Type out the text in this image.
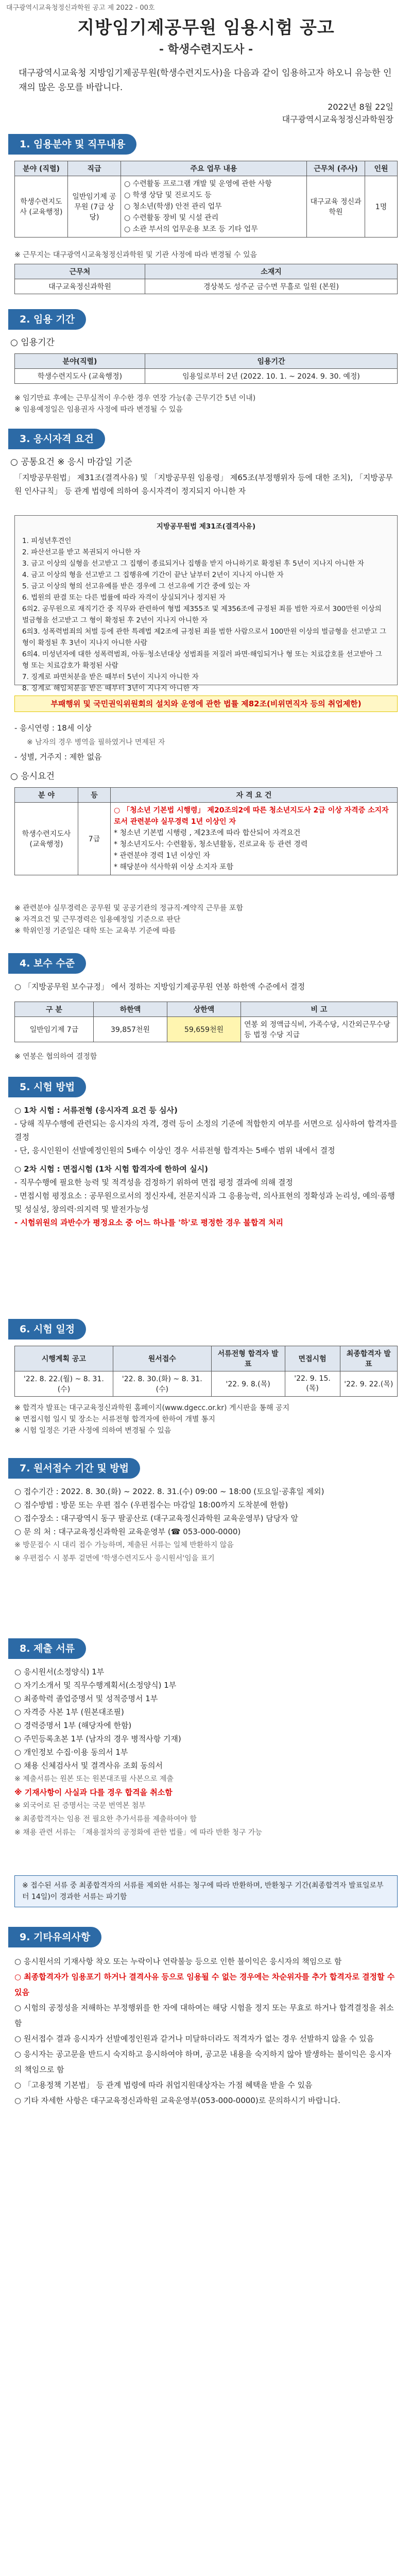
대구광역시교육청정신과학원 공고 제 2022 - 00호
지방임기제공무원 임용시험 공고
- 학생수련지도사 -
대구광역시교육청 지방임기제공무원(학생수련지도사)을 다음과 같이 임용하고자 하오니 유능한 인재의 많은 응모를 바랍니다.
2022년 8월 22일
대구광역시교육청정신과학원장
1. 임용분야 및 직무내용
분야 (직렬)	직급	주요 업무 내용	근무처 (주사)	인원
학생수련지도사 (교육행정)	일반임기제 공무원 (7급 상당)	○ 수련활동 프로그램 개발 및 운영에 관한 사항
○ 학생 상담 및 진로지도 등
○ 청소년(학생) 안전 관리 업무
○ 수련활동 장비 및 시설 관리
○ 소관 부서의 업무운용 보조 등 기타 업무	대구교육 정신과학원	1명
※ 근무지는 대구광역시교육청정신과학원 및 기관 사정에 따라 변경될 수 있음
근무처	소재지
대구교육정신과학원	경상북도 성주군 금수면 무흘로 일원 (본원)
2. 임용 기간
○ 임용기간
분야(직렬)	임용기간
학생수련지도사 (교육행정)	임용일로부터 2년 (2022. 10. 1. ~ 2024. 9. 30. 예정)
※ 임기만료 후에는 근무실적이 우수한 경우 연장 가능(총 근무기간 5년 이내)
※ 임용예정일은 임용권자 사정에 따라 변경될 수 있음
3. 응시자격 요건
○ 공통요건 ※ 응시 마감일 기준
「지방공무원법」 제31조(결격사유) 및 「지방공무원 임용령」 제65조(부정행위자 등에 대한 조치), 「지방공무원 인사규칙」 등 관계 법령에 의하여 응시자격이 정지되지 아니한 자
지방공무원법 제31조(결격사유)
1. 피성년후견인
2. 파산선고를 받고 복권되지 아니한 자
3. 금고 이상의 실형을 선고받고 그 집행이 종료되거나 집행을 받지 아니하기로 확정된 후 5년이 지나지 아니한 자
4. 금고 이상의 형을 선고받고 그 집행유예 기간이 끝난 날부터 2년이 지나지 아니한 자
5. 금고 이상의 형의 선고유예를 받은 경우에 그 선고유예 기간 중에 있는 자
6. 법원의 판결 또는 다른 법률에 따라 자격이 상실되거나 정지된 자
6의2. 공무원으로 재직기간 중 직무와 관련하여 형법 제355조 및 제356조에 규정된 죄를 범한 자로서 300만원 이상의 벌금형을 선고받고 그 형이 확정된 후 2년이 지나지 아니한 자
6의3. 성폭력범죄의 처벌 등에 관한 특례법 제2조에 규정된 죄를 범한 사람으로서 100만원 이상의 벌금형을 선고받고 그 형이 확정된 후 3년이 지나지 아니한 사람
6의4. 미성년자에 대한 성폭력범죄, 아동·청소년대상 성범죄를 저질러 파면·해임되거나 형 또는 치료감호를 선고받아 그 형 또는 치료감호가 확정된 사람
7. 징계로 파면처분을 받은 때부터 5년이 지나지 아니한 자
8. 징계로 해임처분을 받은 때부터 3년이 지나지 아니한 자
부패행위 및 국민권익위원회의 설치와 운영에 관한 법률 제82조(비위면직자 등의 취업제한)
- 응시연령 : 18세 이상
※ 남자의 경우 병역을 필하였거나 면제된 자
- 성별, 거주지 : 제한 없음
○ 응시요건
분 야	등	자 격 요 건
학생수련지도사 (교육행정)	7급	○ 「청소년 기본법 시행령」 제20조의2에 따른 청소년지도사 2급 이상 자격증 소지자로서 관련분야 실무경력 1년 이상인 자
* 청소년 기본법 시행령 , 제23조에 따라 합산되어 자격요건
* 청소년지도사: 수련활동, 청소년활동, 진로교육 등 관련 경력
* 관련분야 경력 1년 이상인 자
* 해당분야 석사학위 이상 소지자 포함
※ 관련분야 실무경력은 공무원 및 공공기관의 정규직·계약직 근무를 포함
※ 자격요건 및 근무경력은 임용예정일 기준으로 판단
※ 학위인정 기준일은 대학 또는 교육부 기준에 따름
4. 보수 수준
○ 「지방공무원 보수규정」 에서 정하는 지방임기제공무원 연봉 하한액 수준에서 결정
구 분	하한액	상한액	비 고
일반임기제 7급	39,857천원	59,659천원	연봉 외 정액급식비, 가족수당, 시간외근무수당 등 법정 수당 지급
※ 연봉은 협의하여 결정함
5. 시험 방법
○ 1차 시험 : 서류전형 (응시자격 요건 등 심사)
- 당해 직무수행에 관련되는 응시자의 자격, 경력 등이 소정의 기준에 적합한지 여부를 서면으로 심사하여 합격자를 결정
- 단, 응시인원이 선발예정인원의 5배수 이상인 경우 서류전형 합격자는 5배수 범위 내에서 결정
○ 2차 시험 : 면접시험 (1차 시험 합격자에 한하여 실시)
- 직무수행에 필요한 능력 및 적격성을 검정하기 위하여 면접 평정 결과에 의해 결정
- 면접시험 평정요소 : 공무원으로서의 정신자세, 전문지식과 그 응용능력, 의사표현의 정확성과 논리성, 예의·품행 및 성실성, 창의력·의지력 및 발전가능성
- 시험위원의 과반수가 평정요소 중 어느 하나를 '하'로 평정한 경우 불합격 처리
6. 시험 일정
시행계획 공고	원서접수	서류전형 합격자 발표	면접시험	최종합격자 발표
'22. 8. 22.(월) ~ 8. 31.(수)	'22. 8. 30.(화) ~ 8. 31.(수)	'22. 9. 8.(목)	'22. 9. 15.(목)	'22. 9. 22.(목)
※ 합격자 발표는 대구교육정신과학원 홈페이지(www.dgecc.or.kr) 게시판을 통해 공지
※ 면접시험 일시 및 장소는 서류전형 합격자에 한하여 개별 통지
※ 시험 일정은 기관 사정에 의하여 변경될 수 있음
7. 원서접수 기간 및 방법
○ 접수기간 : 2022. 8. 30.(화) ~ 2022. 8. 31.(수) 09:00 ~ 18:00 (토요일·공휴일 제외)
○ 접수방법 : 방문 또는 우편 접수 (우편접수는 마감일 18:00까지 도착분에 한함)
○ 접수장소 : 대구광역시 동구 팔공산로 (대구교육정신과학원 교육운영부) 담당자 앞
○ 문 의 처 : 대구교육정신과학원 교육운영부 (☎ 053-000-0000)
※ 방문접수 시 대리 접수 가능하며, 제출된 서류는 일체 반환하지 않음
※ 우편접수 시 봉투 겉면에 '학생수련지도사 응시원서'임을 표기
8. 제출 서류
○ 응시원서(소정양식) 1부
○ 자기소개서 및 직무수행계획서(소정양식) 1부
○ 최종학력 졸업증명서 및 성적증명서 1부
○ 자격증 사본 1부 (원본대조필)
○ 경력증명서 1부 (해당자에 한함)
○ 주민등록초본 1부 (남자의 경우 병적사항 기재)
○ 개인정보 수집·이용 동의서 1부
○ 채용 신체검사서 및 결격사유 조회 동의서
※ 제출서류는 원본 또는 원본대조필 사본으로 제출
※ 기재사항이 사실과 다를 경우 합격을 취소함
※ 외국어로 된 증명서는 국문 번역본 첨부
※ 최종합격자는 임용 전 필요한 추가서류를 제출하여야 함
※ 채용 관련 서류는 「채용절차의 공정화에 관한 법률」에 따라 반환 청구 가능
※ 접수된 서류 중 최종합격자의 서류를 제외한 서류는 청구에 따라 반환하며, 반환청구 기간(최종합격자 발표일로부터 14일)이 경과한 서류는 파기함
9. 기타유의사항
○ 응시원서의 기재사항 착오 또는 누락이나 연락불능 등으로 인한 불이익은 응시자의 책임으로 함
○ 최종합격자가 임용포기 하거나 결격사유 등으로 임용될 수 없는 경우에는 차순위자를 추가 합격자로 결정할 수 있음
○ 시험의 공정성을 저해하는 부정행위를 한 자에 대하여는 해당 시험을 정지 또는 무효로 하거나 합격결정을 취소함
○ 원서접수 결과 응시자가 선발예정인원과 같거나 미달하더라도 적격자가 없는 경우 선발하지 않을 수 있음
○ 응시자는 공고문을 반드시 숙지하고 응시하여야 하며, 공고문 내용을 숙지하지 않아 발생하는 불이익은 응시자의 책임으로 함
○ 「고용정책 기본법」 등 관계 법령에 따라 취업지원대상자는 가점 혜택을 받을 수 있음
○ 기타 자세한 사항은 대구교육정신과학원 교육운영부(053-000-0000)로 문의하시기 바랍니다.
